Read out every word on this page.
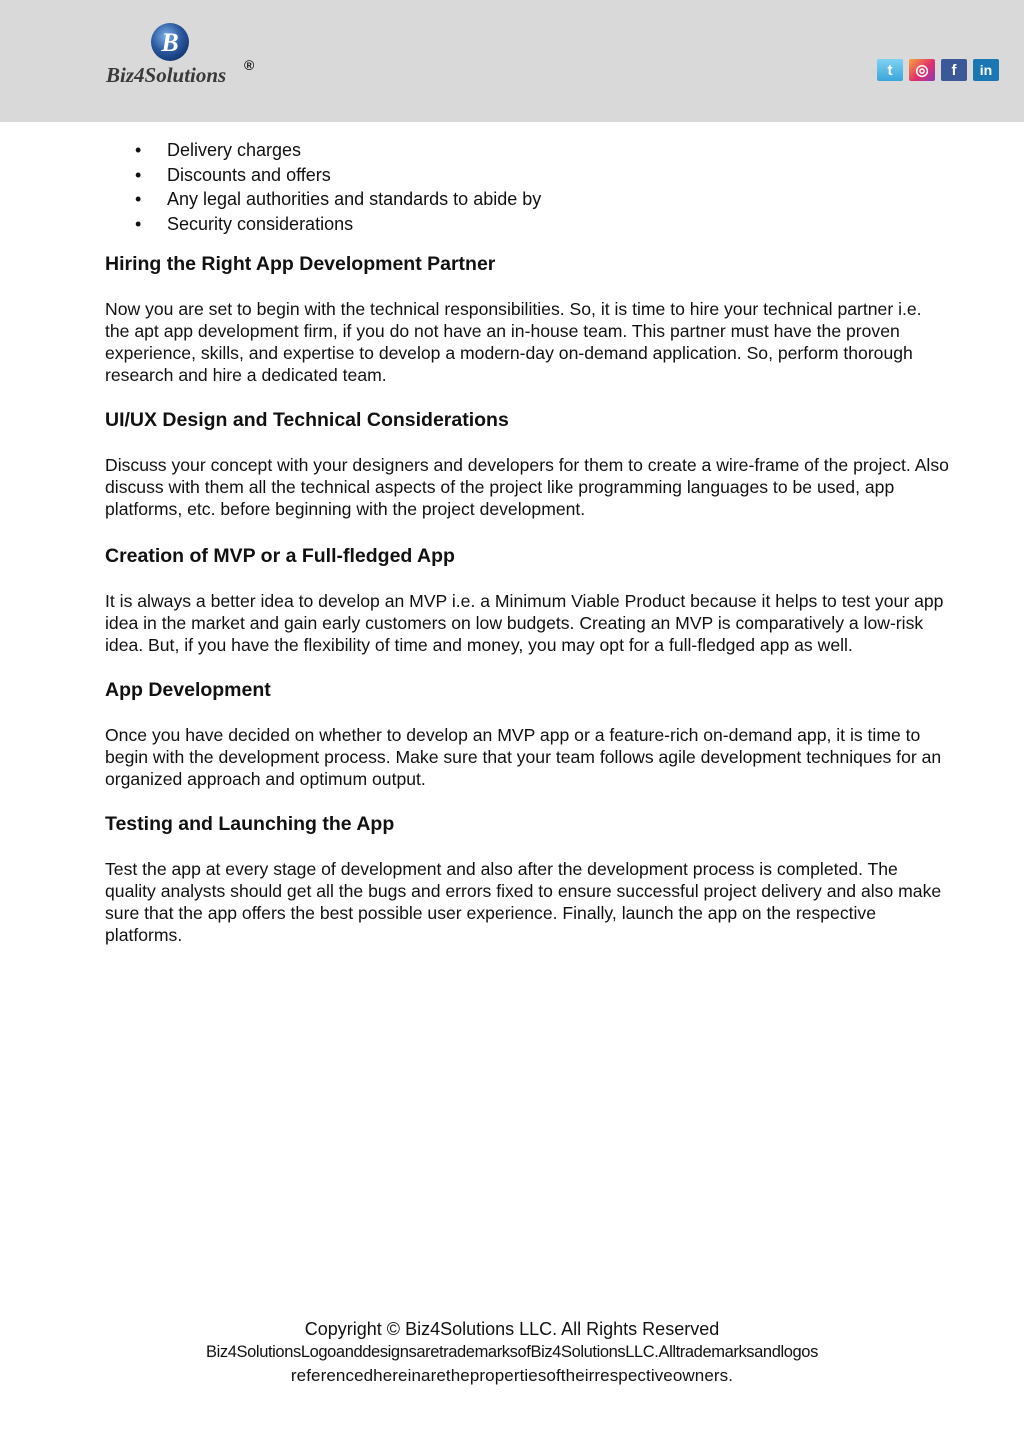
B
Biz4Solutions ®	t	◎	f	in
• Delivery charges
• Discounts and offers
• Any legal authorities and standards to abide by
• Security considerations
Hiring the Right App Development Partner

Now you are set to begin with the technical responsibilities. So, it is time to hire your technical partner i.e. the apt app development firm, if you do not have an in-house team. This partner must have the proven experience, skills, and expertise to develop a modern-day on-demand application. So, perform thorough research and hire a dedicated team.

UI/UX Design and Technical Considerations

Discuss your concept with your designers and developers for them to create a wire-frame of the project. Also discuss with them all the technical aspects of the project like programming languages to be used, app platforms, etc. before beginning with the project development.

Creation of MVP or a Full-fledged App

It is always a better idea to develop an MVP i.e. a Minimum Viable Product because it helps to test your app idea in the market and gain early customers on low budgets. Creating an MVP is comparatively a low-risk idea. But, if you have the flexibility of time and money, you may opt for a full-fledged app as well.

App Development

Once you have decided on whether to develop an MVP app or a feature-rich on-demand app, it is time to begin with the development process. Make sure that your team follows agile development techniques for an organized approach and optimum output.

Testing and Launching the App

Test the app at every stage of development and also after the development process is completed. The quality analysts should get all the bugs and errors fixed to ensure successful project delivery and also make sure that the app offers the best possible user experience. Finally, launch the app on the respective platforms.

Copyright © Biz4Solutions LLC. All Rights Reserved
Biz4SolutionsLogoanddesignsaretrademarksofBiz4SolutionsLLC.Alltrademarksandlogos
referencedhereinarethepropertiesoftheirrespectiveowners.
